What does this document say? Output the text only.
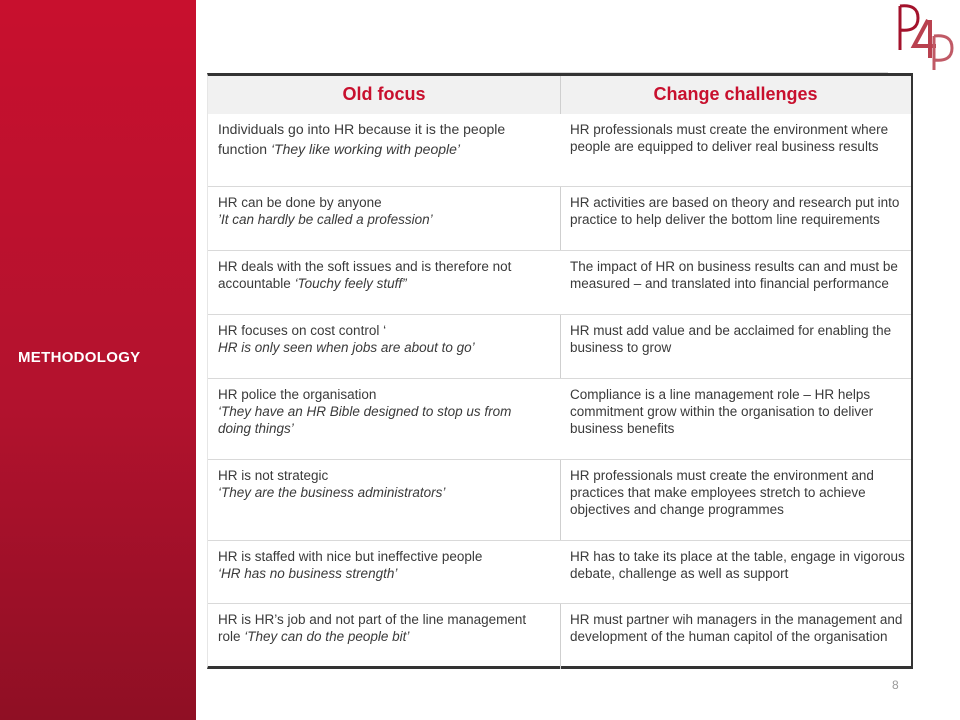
METHODOLOGY
Old focus	Change challenges
Individuals go into HR because it is the people function ‘They like working with people’
HR professionals must create the environment where people are equipped to deliver real business results
HR can be done by anyone
’It can hardly be called a profession’
HR activities are based on theory and research put into practice to help deliver the bottom line requirements
HR deals with the soft issues and is therefore not accountable ‘Touchy feely stuff”
The impact of HR on business results can and must be measured – and translated into financial performance
HR focuses on cost control ‘
HR is only seen when jobs are about to go’
HR must add value and be acclaimed for enabling the business to grow
HR police the organisation
‘They have an HR Bible designed to stop us from doing things’
Compliance is a line management role – HR helps commitment grow within the organisation to deliver business benefits
HR is not strategic
‘They are the business administrators’
HR professionals must create the environment and practices that make employees stretch to achieve objectives and change programmes
HR is staffed with nice but ineffective people
‘HR has no business strength’
HR has to take its place at the table, engage in vigorous debate, challenge as well as support
HR is HR’s job and not part of the line management role ‘They can do the people bit’
HR must partner wih managers in the management and development of the human capitol of the organisation
8
